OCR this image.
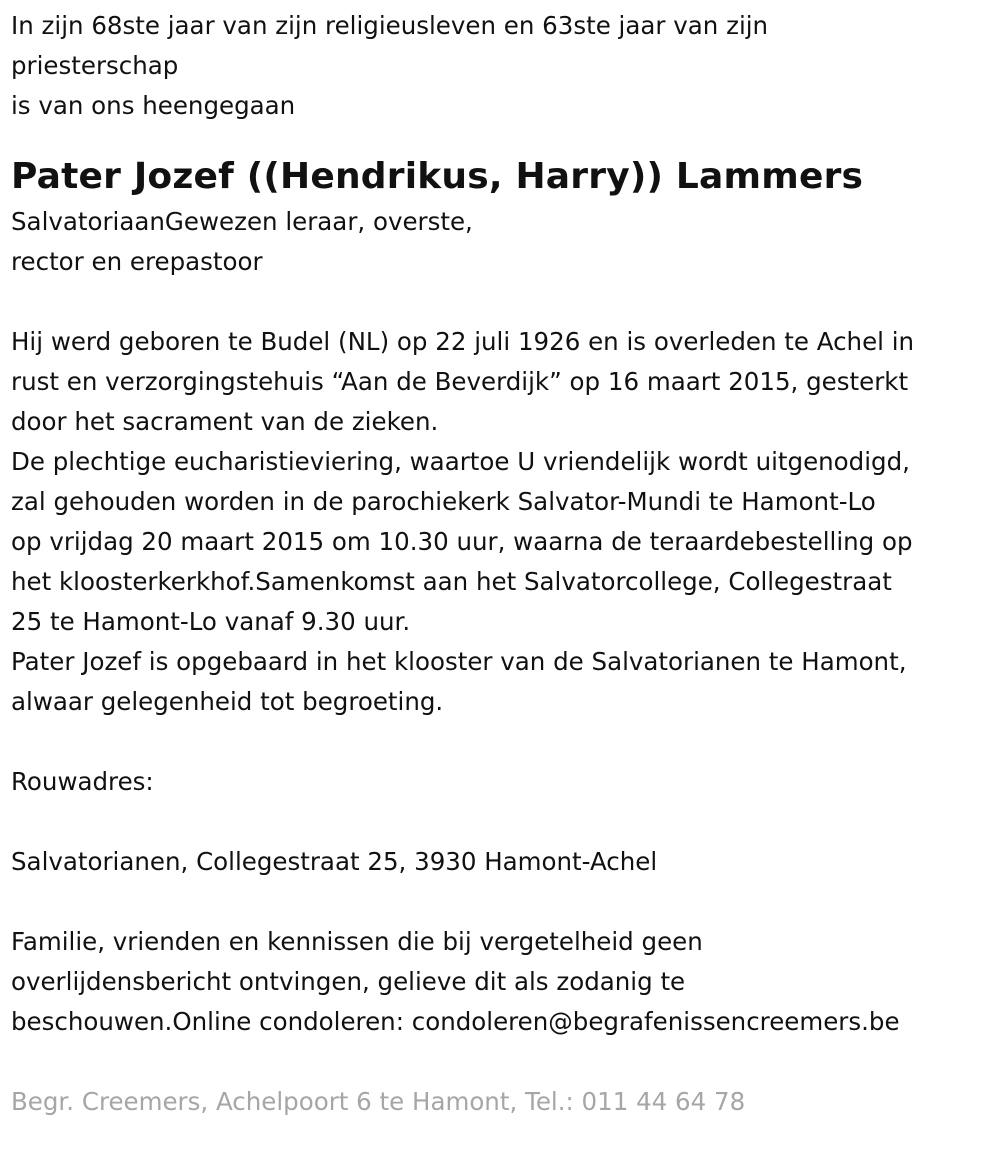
In zijn 68ste jaar van zijn religieusleven en 63ste jaar van zijn

priesterschap

is van ons heengegaan

Pater Jozef ((Hendrikus, Harry)) Lammers

SalvatoriaanGewezen leraar, overste,

rector en erepastoor

Hij werd geboren te Budel (NL) op 22 juli 1926 en is overleden te Achel in

rust en verzorgingstehuis “Aan de Beverdijk” op 16 maart 2015, gesterkt

door het sacrament van de zieken.

De plechtige eucharistieviering, waartoe U vriendelijk wordt uitgenodigd,

zal gehouden worden in de parochiekerk Salvator-Mundi te Hamont-Lo

op vrijdag 20 maart 2015 om 10.30 uur, waarna de teraardebestelling op

het kloosterkerkhof.Samenkomst aan het Salvatorcollege, Collegestraat

25 te Hamont-Lo vanaf 9.30 uur.

Pater Jozef is opgebaard in het klooster van de Salvatorianen te Hamont,

alwaar gelegenheid tot begroeting.

Rouwadres:

Salvatorianen, Collegestraat 25, 3930 Hamont-Achel

Familie, vrienden en kennissen die bij vergetelheid geen

overlijdensbericht ontvingen, gelieve dit als zodanig te

beschouwen.Online condoleren: condoleren@begrafenissencreemers.be

Begr. Creemers, Achelpoort 6 te Hamont, Tel.: 011 44 64 78
